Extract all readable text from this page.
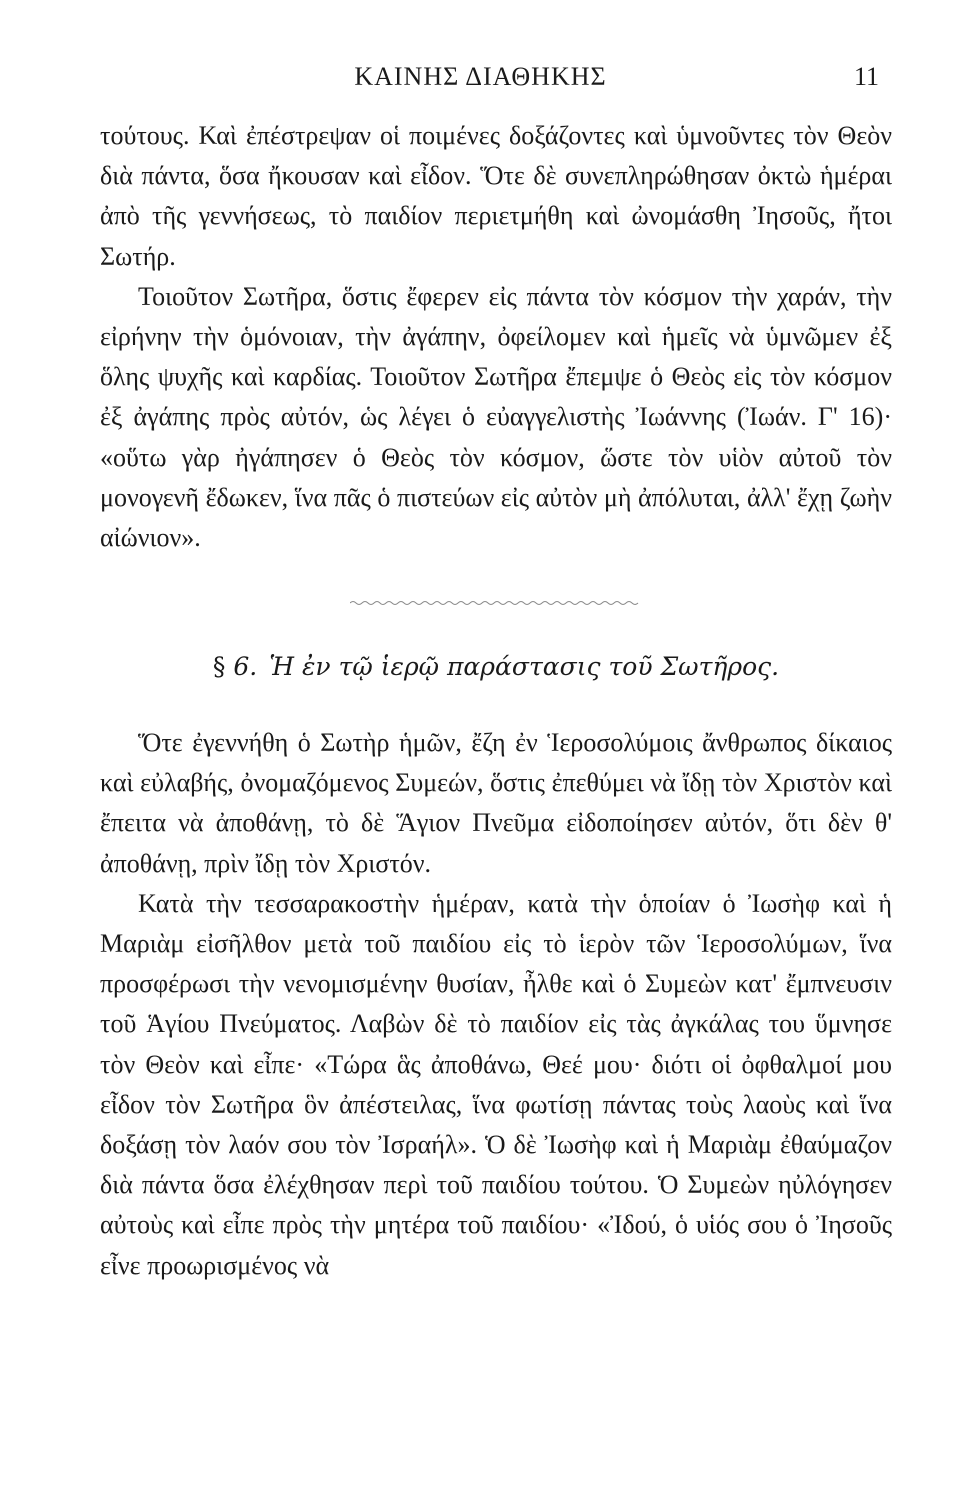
ΚΑΙΝΗΣ ΔΙΑΘΗΚΗΣ	11

τούτους. Καὶ ἐπέστρεψαν οἱ ποιμένες δοξάζοντες καὶ ὑμνοῦντες τὸν Θεὸν διὰ πάντα, ὅσα ἤκουσαν καὶ εἶδον. Ὅτε δὲ συνεπληρώθησαν ὀκτὼ ἡμέραι ἀπὸ τῆς γεννήσεως, τὸ παιδίον περιετμήθη καὶ ὠνομάσθη Ἰησοῦς, ἤτοι Σωτήρ.

Τοιοῦτον Σωτῆρα, ὅστις ἔφερεν εἰς πάντα τὸν κόσμον τὴν χαράν, τὴν εἰρήνην τὴν ὁμόνοιαν, τὴν ἀγάπην, ὀφείλομεν καὶ ἡμεῖς νὰ ὑμνῶμεν ἐξ ὅλης ψυχῆς καὶ καρδίας. Τοιοῦτον Σωτῆρα ἔπεμψε ὁ Θεὸς εἰς τὸν κόσμον ἐξ ἀγάπης πρὸς αὐτόν, ὡς λέγει ὁ εὐαγγελιστὴς Ἰωάννης (Ἰωάν. Γ' 16)· «οὕτω γὰρ ἠγάπησεν ὁ Θεὸς τὸν κόσμον, ὥστε τὸν υἱὸν αὐτοῦ τὸν μονογενῆ ἔδωκεν, ἵνα πᾶς ὁ πιστεύων εἰς αὐτὸν μὴ ἀπόλυται, ἀλλ' ἔχῃ ζωὴν αἰώνιον».

§ 6. Ἡ ἐν τῷ ἱερῷ παράστασις τοῦ Σωτῆρος.

Ὅτε ἐγεννήθη ὁ Σωτὴρ ἡμῶν, ἔζη ἐν Ἱεροσολύμοις ἄνθρωπος δίκαιος καὶ εὐλαβής, ὀνομαζόμενος Συμεών, ὅστις ἐπεθύμει νὰ ἴδῃ τὸν Χριστὸν καὶ ἔπειτα νὰ ἀποθάνῃ, τὸ δὲ Ἅγιον Πνεῦμα εἰδοποίησεν αὐτόν, ὅτι δὲν θ' ἀποθάνῃ, πρὶν ἴδῃ τὸν Χριστόν.

Κατὰ τὴν τεσσαρακοστὴν ἡμέραν, κατὰ τὴν ὁποίαν ὁ Ἰωσὴφ καὶ ἡ Μαριὰμ εἰσῆλθον μετὰ τοῦ παιδίου εἰς τὸ ἱερὸν τῶν Ἱεροσολύμων, ἵνα προσφέρωσι τὴν νενομισμένην θυσίαν, ἦλθε καὶ ὁ Συμεὼν κατ' ἔμπνευσιν τοῦ Ἁγίου Πνεύματος. Λαβὼν δὲ τὸ παιδίον εἰς τὰς ἀγκάλας του ὕμνησε τὸν Θεὸν καὶ εἶπε· «Τώρα ἃς ἀποθάνω, Θεέ μου· διότι οἱ ὀφθαλμοί μου εἶδον τὸν Σωτῆρα ὃν ἀπέστειλας, ἵνα φωτίσῃ πάντας τοὺς λαοὺς καὶ ἵνα δοξάσῃ τὸν λαόν σου τὸν Ἰσραήλ». Ὁ δὲ Ἰωσὴφ καὶ ἡ Μαριὰμ ἐθαύμαζον διὰ πάντα ὅσα ἐλέχθησαν περὶ τοῦ παιδίου τούτου. Ὁ Συμεὼν ηὐλόγησεν αὐτοὺς καὶ εἶπε πρὸς τὴν μητέρα τοῦ παιδίου· «Ἰδού, ὁ υἱός σου ὁ Ἰησοῦς εἶνε προωρισμένος νὰ
